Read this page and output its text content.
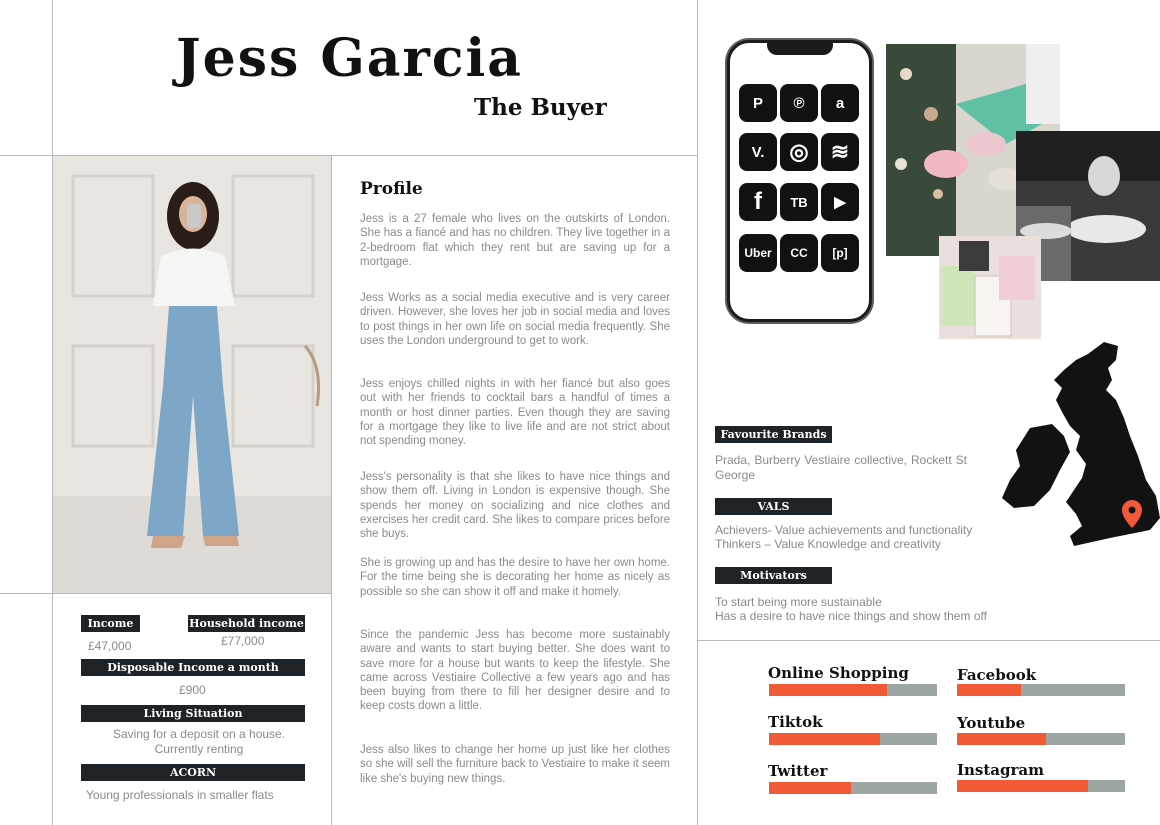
Jess Garcia
The Buyer
Income
£47,000
Household income
£77,000
Disposable Income a month
£900
Living Situation
Saving for a deposit on a house. Currently renting
ACORN
Young professionals in smaller flats
Profile
Jess is a 27 female who lives on the outskirts of London. She has a fiancé and has no children. They live together in a 2-bedroom flat which they rent but are saving up for a mortgage.
Jess Works as a social media executive and is very career driven. However, she loves her job in social media and loves to post things in her own life on social media frequently. She uses the London underground to get to work.
Jess enjoys chilled nights in with her fiancé but also goes out with her friends to cocktail bars a handful of times a month or host dinner parties. Even though they are saving for a mortgage they like to live life and are not strict about not spending money.
Jess's personality is that she likes to have nice things and show them off. Living in London is expensive though. She spends her money on socializing and nice clothes and exercises her credit card. She likes to compare prices before she buys.
She is growing up and has the desire to have her own home. For the time being she is decorating her home as nicely as possible so she can show it off and make it homely.
Since the pandemic Jess has become more sustainably aware and wants to start buying better. She does want to save more for a house but wants to keep the lifestyle. She came across Vestiaire Collective a few years ago and has been buying from there to fill her designer desire and to keep costs down a little.
Jess also likes to change her home up just like her clothes so she will sell the furniture back to Vestiaire to make it seem like she's buying new things.
P	℗	a
V.	◎	≋
f	TB	▶
Uber	CC	[p]
Favourite Brands
Prada, Burberry Vestiaire collective, Rockett St George
VALS
Achievers- Value achievements and functionality
Thinkers – Value Knowledge and creativity
Motivators
To start being more sustainable
Has a desire to have nice things and show them off
Online Shopping	Facebook
Tiktok	Youtube
Twitter	Instagram
